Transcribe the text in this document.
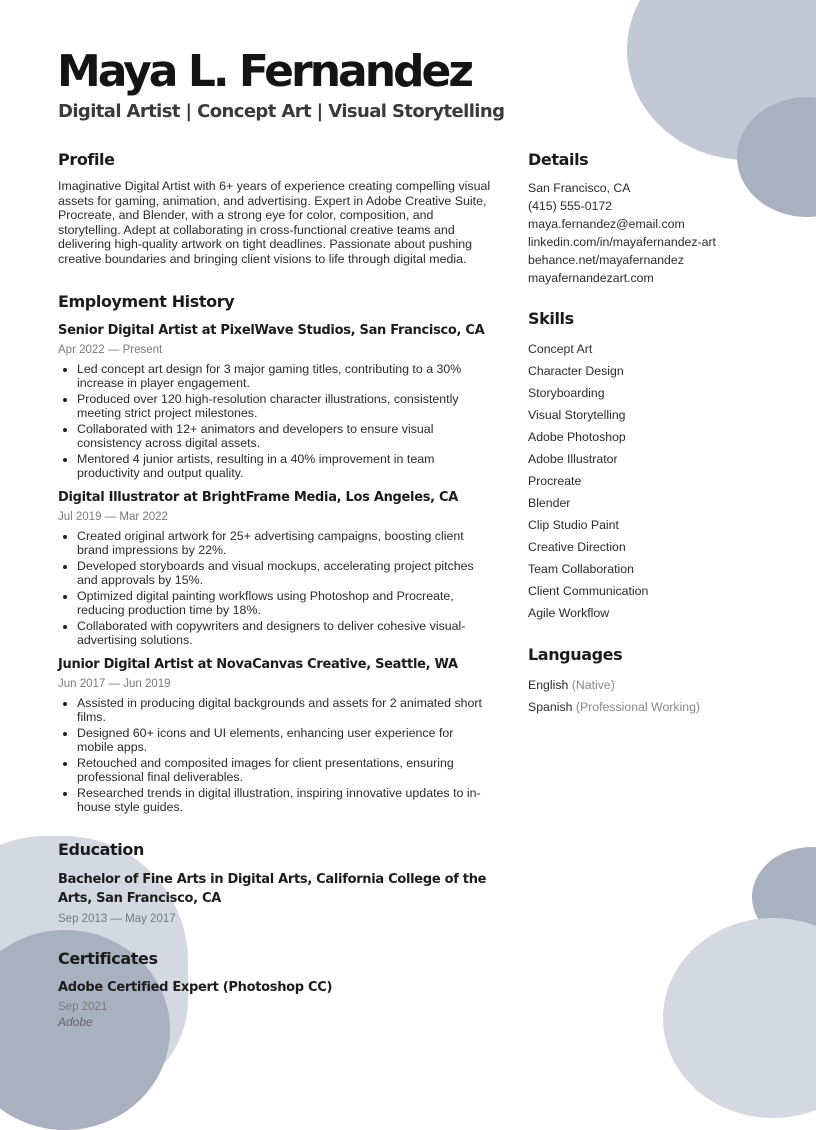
Maya L. Fernandez
Digital Artist | Concept Art | Visual Storytelling
Profile

Imaginative Digital Artist with 6+ years of experience creating compelling visual assets for gaming, animation, and advertising. Expert in Adobe Creative Suite, Procreate, and Blender, with a strong eye for color, composition, and storytelling. Adept at collaborating in cross-functional creative teams and delivering high-quality artwork on tight deadlines. Passionate about pushing creative boundaries and bringing client visions to life through digital media.

Employment History
Senior Digital Artist at PixelWave Studios, San Francisco, CA
Apr 2022 — Present
• Led concept art design for 3 major gaming titles, contributing to a 30% increase in player engagement.
• Produced over 120 high-resolution character illustrations, consistently meeting strict project milestones.
• Collaborated with 12+ animators and developers to ensure visual consistency across digital assets.
• Mentored 4 junior artists, resulting in a 40% improvement in team productivity and output quality.
Digital Illustrator at BrightFrame Media, Los Angeles, CA
Jul 2019 — Mar 2022
• Created original artwork for 25+ advertising campaigns, boosting client brand impressions by 22%.
• Developed storyboards and visual mockups, accelerating project pitches and approvals by 15%.
• Optimized digital painting workflows using Photoshop and Procreate, reducing production time by 18%.
• Collaborated with copywriters and designers to deliver cohesive visual-advertising solutions.
Junior Digital Artist at NovaCanvas Creative, Seattle, WA
Jun 2017 — Jun 2019
• Assisted in producing digital backgrounds and assets for 2 animated short films.
• Designed 60+ icons and UI elements, enhancing user experience for mobile apps.
• Retouched and composited images for client presentations, ensuring professional final deliverables.
• Researched trends in digital illustration, inspiring innovative updates to in-house style guides.
Education
Bachelor of Fine Arts in Digital Arts, California College of the Arts, San Francisco, CA
Sep 2013 — May 2017
Certificates
Adobe Certified Expert (Photoshop CC)
Sep 2021
Adobe
Details
San Francisco, CA
(415) 555-0172
maya.fernandez@email.com
linkedin.com/in/mayafernandez-art
behance.net/mayafernandez
mayafernandezart.com
Skills
Concept Art
Character Design
Storyboarding
Visual Storytelling
Adobe Photoshop
Adobe Illustrator
Procreate
Blender
Clip Studio Paint
Creative Direction
Team Collaboration
Client Communication
Agile Workflow
Languages
English (Native)
Spanish (Professional Working)
